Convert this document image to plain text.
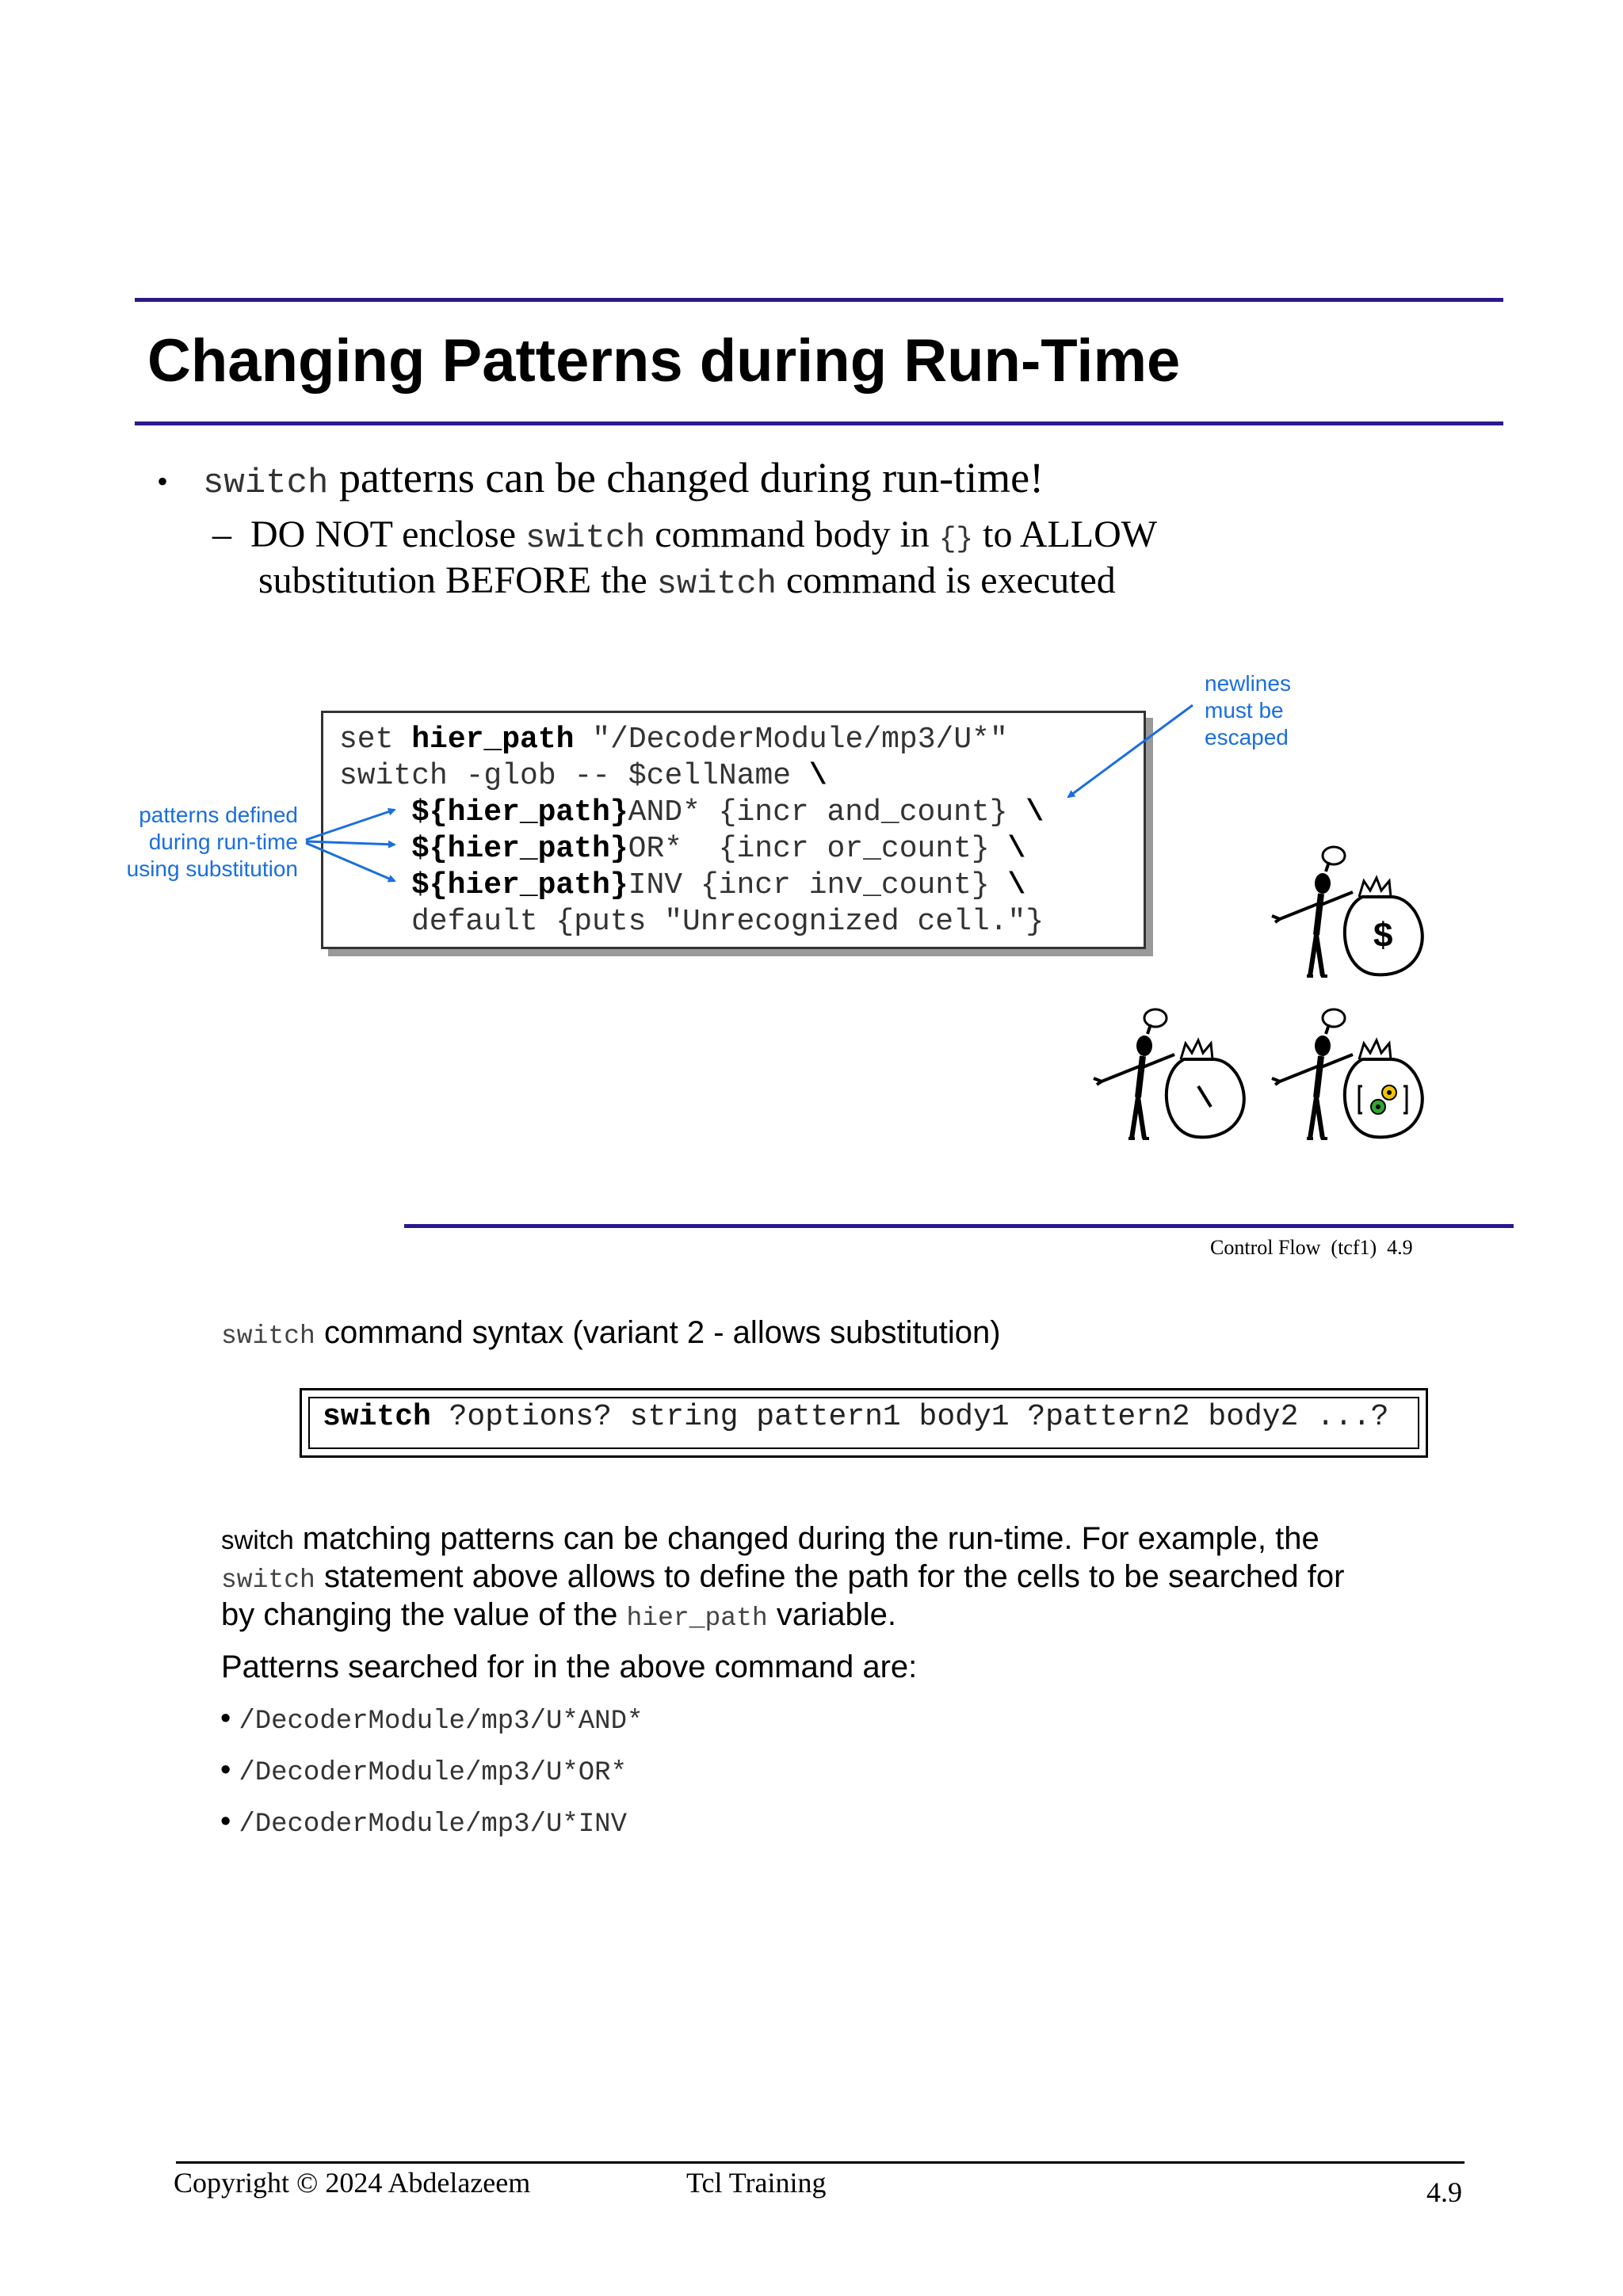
Changing Patterns during Run-Time
• switch patterns can be changed during run-time!
– DO NOT enclose switch command body in {} to ALLOW
substitution BEFORE the switch command is executed
newlines
must be
escaped
patterns defined
during run-time
using substitution
set hier_path "/DecoderModule/mp3/U*"
switch -glob -- $cellName \
${hier_path}AND* {incr and_count} \
${hier_path}OR*  {incr or_count} \
${hier_path}INV {incr inv_count} \
default {puts "Unrecognized cell."}	$
Control Flow  (tcf1)  4.9
switch command syntax (variant 2 - allows substitution)
switch ?options? string pattern1 body1 ?pattern2 body2 ...?
switch matching patterns can be changed during the run-time. For example, the
switch statement above allows to define the path for the cells to be searched for
by changing the value of the hier_path variable.
Patterns searched for in the above command are:
• /DecoderModule/mp3/U*AND*
• /DecoderModule/mp3/U*OR*
• /DecoderModule/mp3/U*INV
Copyright © 2024 Abdelazeem	Tcl Training	4.9
